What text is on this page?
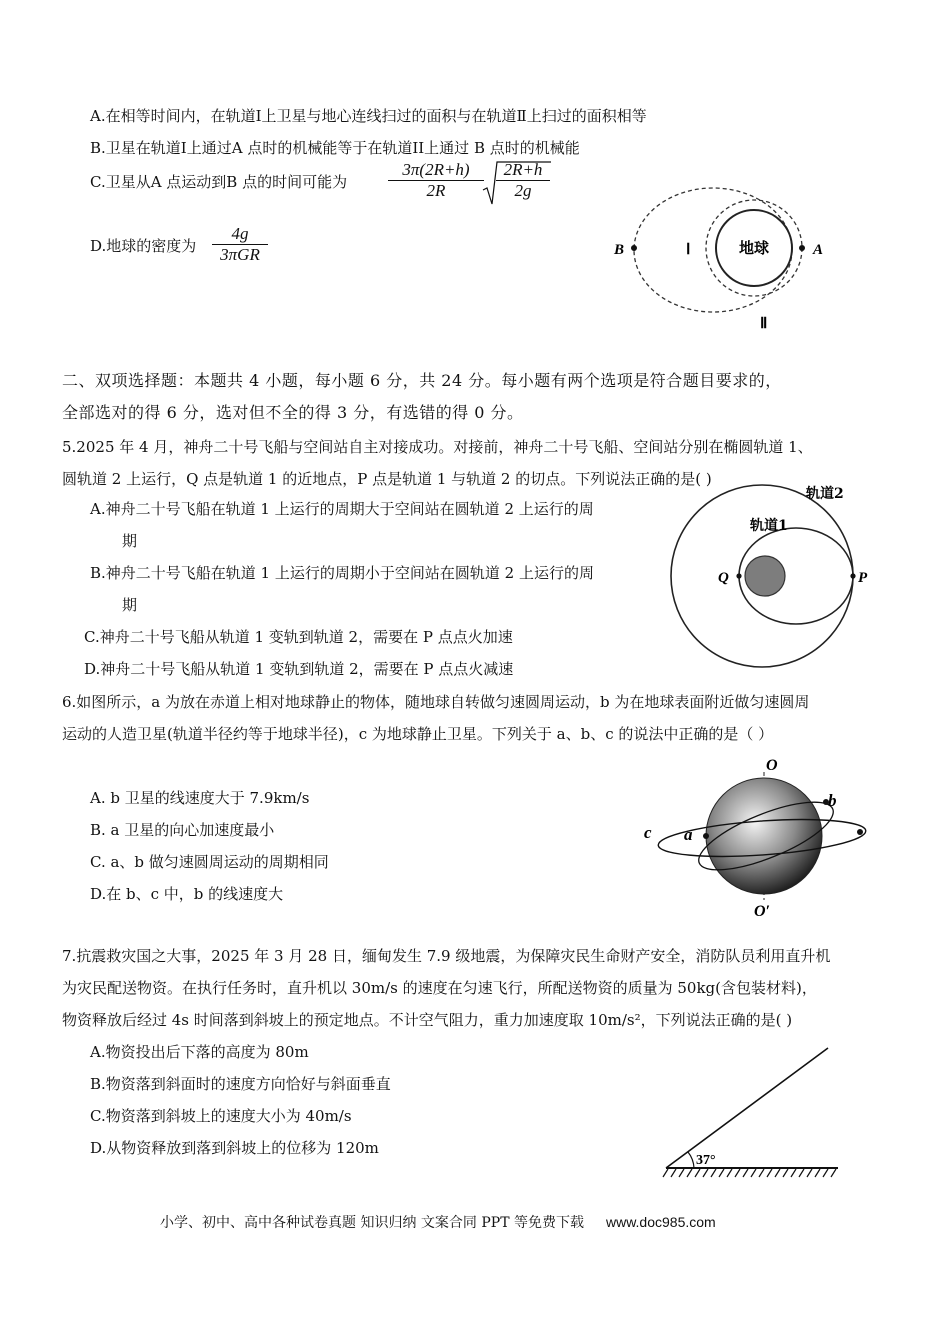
A.在相等时间内，在轨道Ⅰ上卫星与地心连线扫过的面积与在轨道Ⅱ上扫过的面积相等
B.卫星在轨道Ⅰ上通过A 点时的机械能等于在轨道II上通过 B 点时的机械能
C.卫星从A 点运动到B 点的时间可能为 $\frac{3\pi(2R+h)}{2R} \frac{2R+h}{2g}$
D.地球的密度为
4g
3πGR	地球
B	A
Ⅰ
Ⅱ
二、双项选择题：本题共 4 小题，每小题 6 分，共 24 分。每小题有两个选项是符合题目要求的，
全部选对的得 6 分，选对但不全的得 3 分，有选错的得 0 分。
5.2025 年 4 月，神舟二十号飞船与空间站自主对接成功。对接前，神舟二十号飞船、空间站分别在椭圆轨道 1、
圆轨道 2 上运行，Q 点是轨道 1 的近地点，P 点是轨道 1 与轨道 2 的切点。下列说法正确的是( )
A.神舟二十号飞船在轨道 1 上运行的周期大于空间站在圆轨道 2 上运行的周
期
B.神舟二十号飞船在轨道 1 上运行的周期小于空间站在圆轨道 2 上运行的周
期
C.神舟二十号飞船从轨道 1 变轨到轨道 2，需要在 P 点点火加速
D.神舟二十号飞船从轨道 1 变轨到轨道 2，需要在 P 点点火减速
轨道2
轨道1
Q	P
6.如图所示，a 为放在赤道上相对地球静止的物体，随地球自转做匀速圆周运动，b 为在地球表面附近做匀速圆周
运动的人造卫星(轨道半径约等于地球半径)，c 为地球静止卫星。下列关于 a、b、c 的说法中正确的是（ ）
A. b 卫星的线速度大于 7.9km/s
B. a 卫星的向心加速度最小
C. a、b 做匀速圆周运动的周期相同
D.在 b、c 中，b 的线速度大
O
O′
a
b
c
7.抗震救灾国之大事，2025 年 3 月 28 日，缅甸发生 7.9 级地震，为保障灾民生命财产安全，消防队员利用直升机
为灾民配送物资。在执行任务时，直升机以 30m/s 的速度在匀速飞行，所配送物资的质量为 50kg(含包装材料)，
物资释放后经过 4s 时间落到斜坡上的预定地点。不计空气阻力，重力加速度取 10m/s²，下列说法正确的是( )
A.物资投出后下落的高度为 80m
B.物资落到斜面时的速度方向恰好与斜面垂直
C.物资落到斜坡上的速度大小为 40m/s
D.从物资释放到落到斜坡上的位移为 120m
37°
小学、初中、高中各种试卷真题 知识归纳 文案合同 PPT 等免费下载 www.doc985.com
